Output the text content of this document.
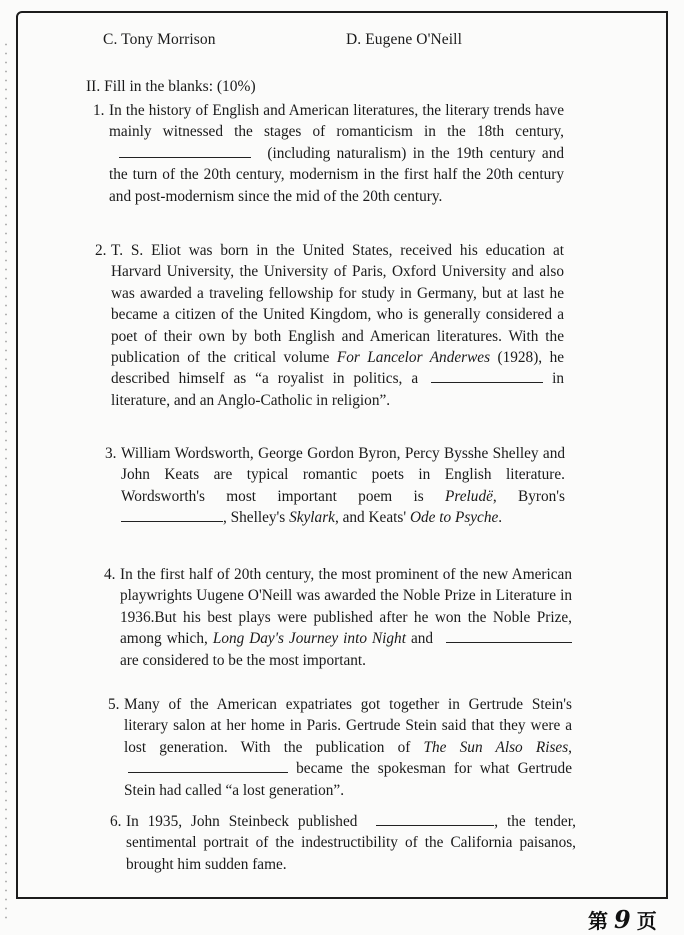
C. Tony Morrison	D. Eugene O'Neill
II. Fill in the blanks: (10%)
1. In the history of English and American literatures, the literary trends have mainly witnessed the stages of romanticism in the 18th century,  (including naturalism) in the 19th century and the turn of the 20th century, modernism in the first half the 20th century and post-modernism since the mid of the 20th century.

2. T. S. Eliot was born in the United States, received his education at Harvard University, the University of Paris, Oxford University and also was awarded a traveling fellowship for study in Germany, but at last he became a citizen of the United Kingdom, who is generally considered a poet of their own by both English and American literatures. With the publication of the critical volume For Lancelor Anderwes (1928), he described himself as “a royalist in politics, a	in literature, and an Anglo-Catholic in religion”.

3. William Wordsworth, George Gordon Byron, Percy Bysshe Shelley and John Keats are typical romantic poets in English literature. Wordsworth's most important poem is Preludë, Byron's , Shelley's Skylark, and Keats' Ode to Psyche.

4. In the first half of 20th century, the most prominent of the new American playwrights Uugene O'Neill was awarded the Noble Prize in Literature in 1936.But his best plays were published after he won the Noble Prize, among which, Long Day's Journey into Night and are considered to be the most important.

5. Many of the American expatriates got together in Gertrude Stein's literary salon at her home in Paris. Gertrude Stein said that they were a lost generation. With the publication of The Sun Also Rises,  became the spokesman for what Gertrude Stein had called “a lost generation”.

6. In 1935, John Steinbeck published	, the tender, sentimental portrait of the indestructibility of the California paisanos, brought him sudden fame.

第 9 页
